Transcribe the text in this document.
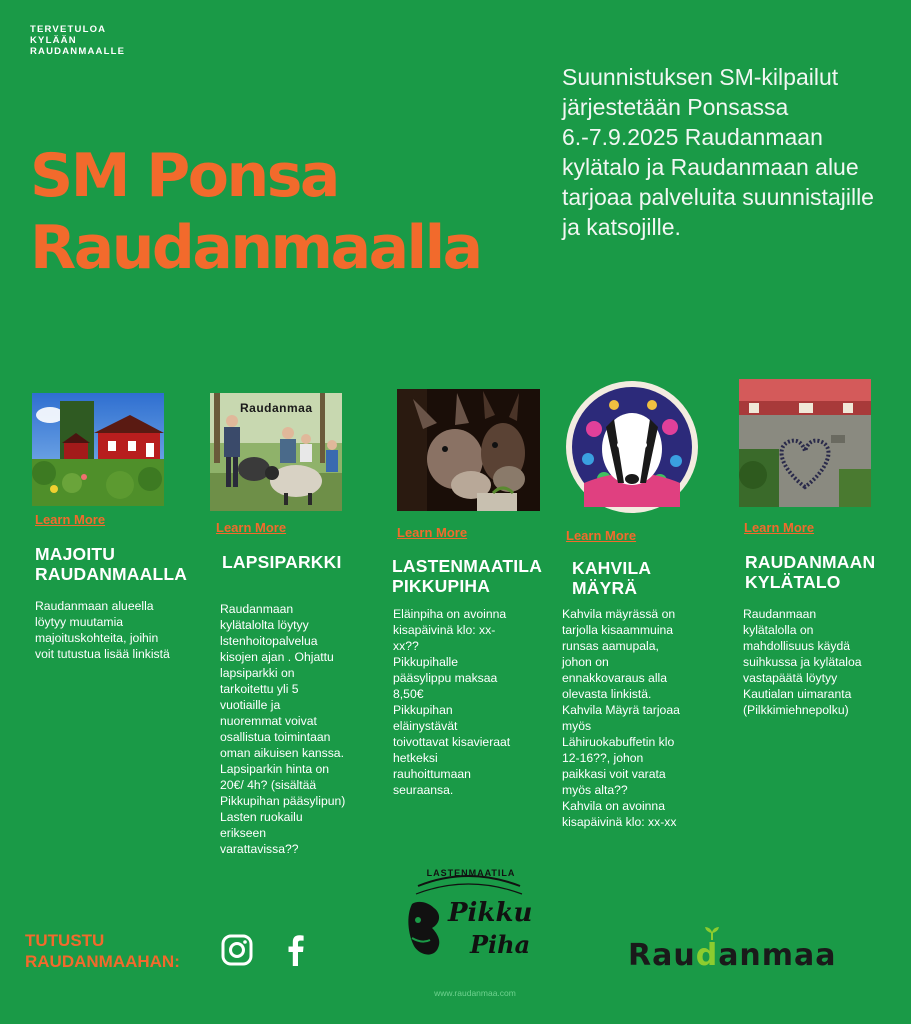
TERVETULOA
KYLÄÄN
RAUDANMAALLE
SM Ponsa
Raudanmaalla
Suunnistuksen SM-kilpailut järjestetään Ponsassa 6.-7.9.2025 Raudanmaan kylätalo ja Raudanmaan alue tarjoaa palveluita suunnistajille ja katsojille.
Learn More
MAJOITU
RAUDANMAALLA
Raudanmaan alueella
löytyy muutamia
majoituskohteita, joihin
voit tutustua lisää linkistä
Raudanmaa
Learn More
LAPSIPARKKI
Raudanmaan
kylätalolta löytyy
lstenhoitopalvelua
kisojen ajan . Ohjattu
lapsiparkki on
tarkoitettu yli 5
vuotiaille ja
nuoremmat voivat
osallistua toimintaan
oman aikuisen kanssa.
Lapsiparkin hinta on
20€/ 4h? (sisältää
Pikkupihan pääsylipun)
Lasten ruokailu
erikseen
varattavissa??
Learn More
LASTENMAATILA
PIKKUPIHA
Eläinpiha on avoinna
kisapäivinä klo: xx-
xx??
Pikkupihalle
pääsylippu maksaa
8,50€
Pikkupihan
eläinystävät
toivottavat kisavieraat
hetkeksi
rauhoittumaan
seuraansa.
Learn More
KAHVILA
MÄYRÄ
Kahvila mäyrässä on
tarjolla kisaammuina
runsas aamupala,
johon on
ennakkovaraus alla
olevasta linkistä.
Kahvila Mäyrä tarjoaa
myös
Lähiruokabuffetin klo
12-16??, johon
paikkasi voit varata
myös alta??
Kahvila on avoinna
kisapäivinä klo: xx-xx
Learn More
RAUDANMAAN
KYLÄTALO
Raudanmaan
kylätalolla on
mahdollisuus käydä
suihkussa ja kylätaloa
vastapäätä löytyy
Kautialan uimaranta
(Pilkkimiehnepolku)
TUTUSTU
RAUDANMAAHAN:
LASTENMAATILA
Pikku
Piha
www.raudanmaa.com
Raudanmaa
